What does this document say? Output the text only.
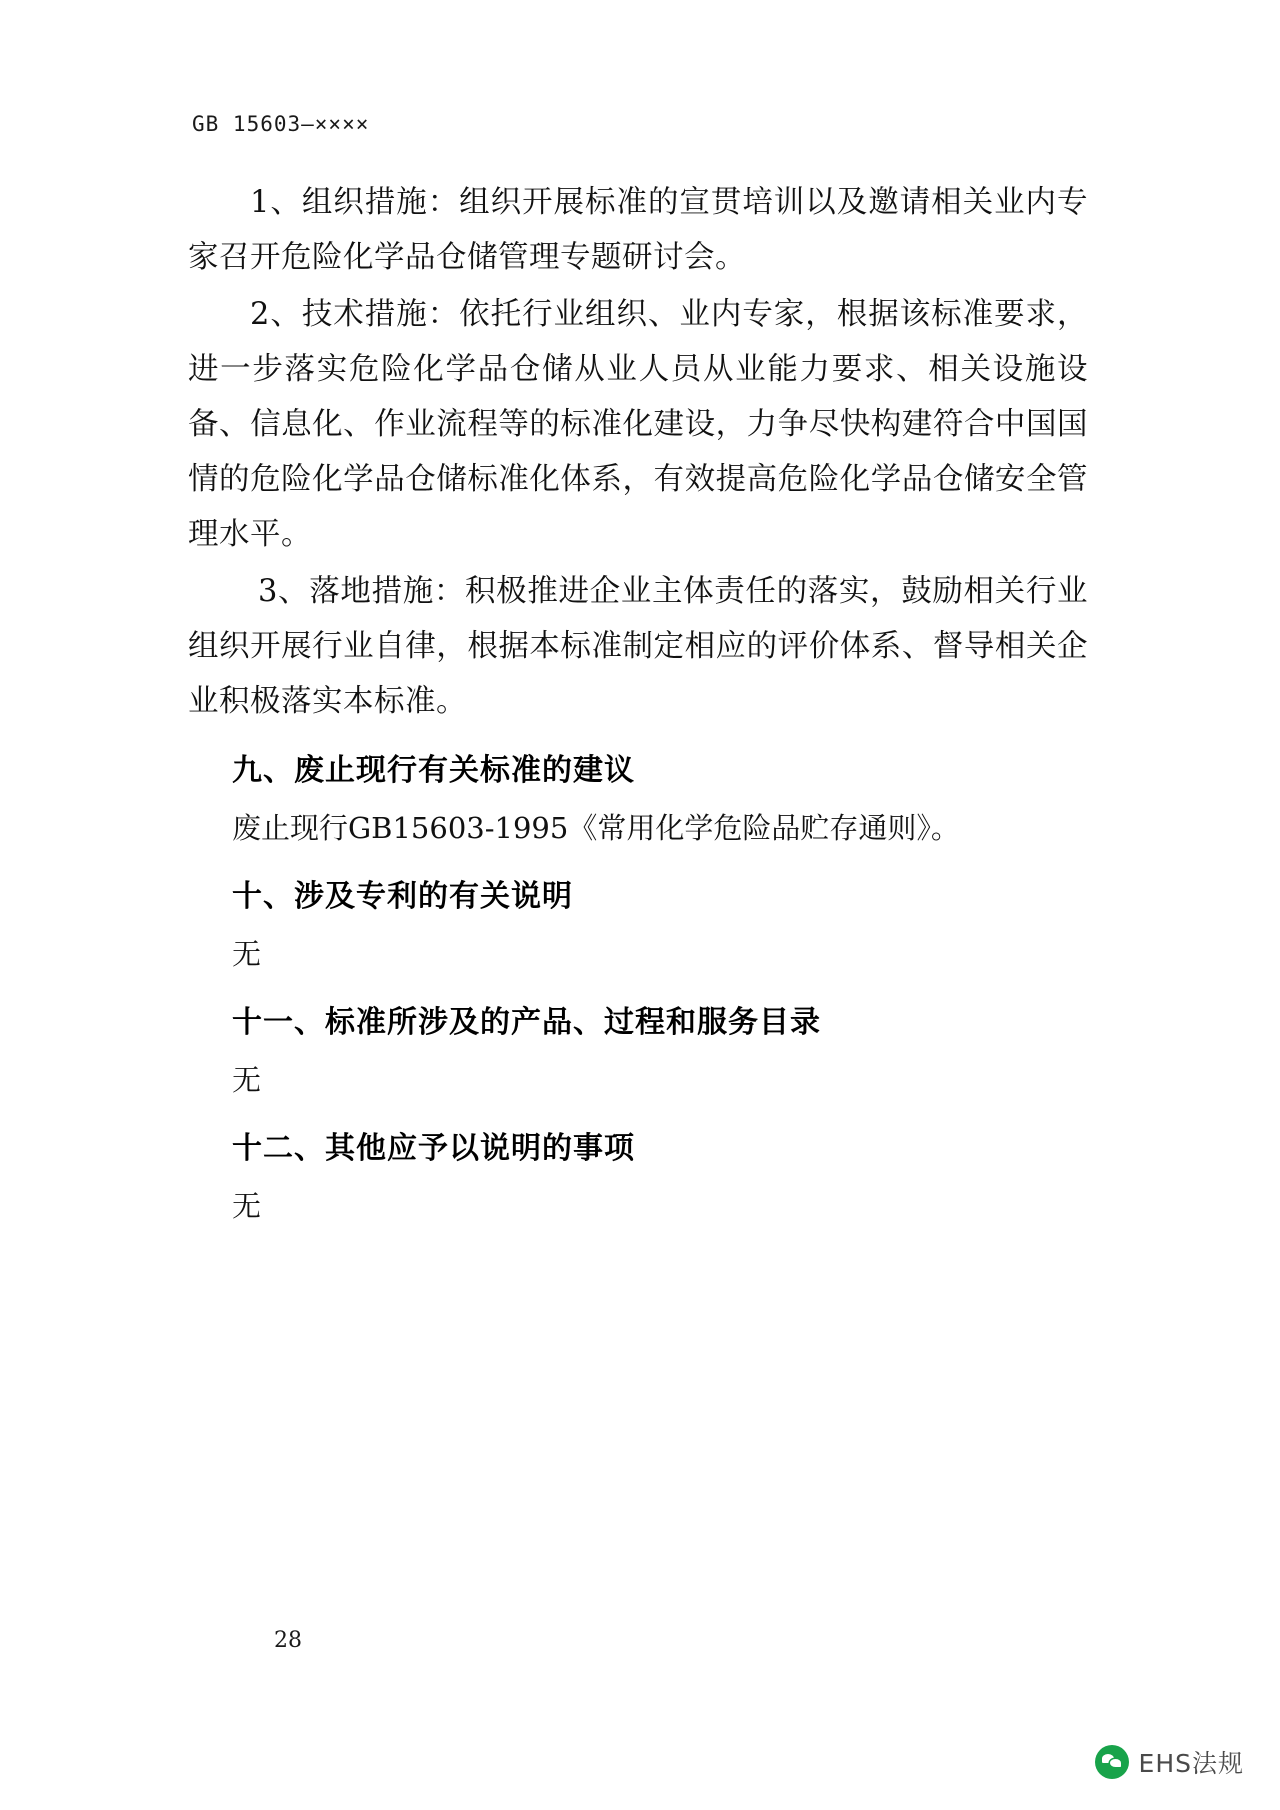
GB 15603—××××

1、组织措施：组织开展标准的宣贯培训以及邀请相关业内专家召开危险化学品仓储管理专题研讨会。

2、技术措施：依托行业组织、业内专家，根据该标准要求，进一步落实危险化学品仓储从业人员从业能力要求、相关设施设备、信息化、作业流程等的标准化建设，力争尽快构建符合中国国情的危险化学品仓储标准化体系，有效提高危险化学品仓储安全管理水平。

3、落地措施：积极推进企业主体责任的落实，鼓励相关行业组织开展行业自律，根据本标准制定相应的评价体系、督导相关企业积极落实本标准。

九、废止现行有关标准的建议

废止现行GB15603-1995《常用化学危险品贮存通则》。

十、涉及专利的有关说明

无

十一、标准所涉及的产品、过程和服务目录

无

十二、其他应予以说明的事项

无

28
EHS法规
